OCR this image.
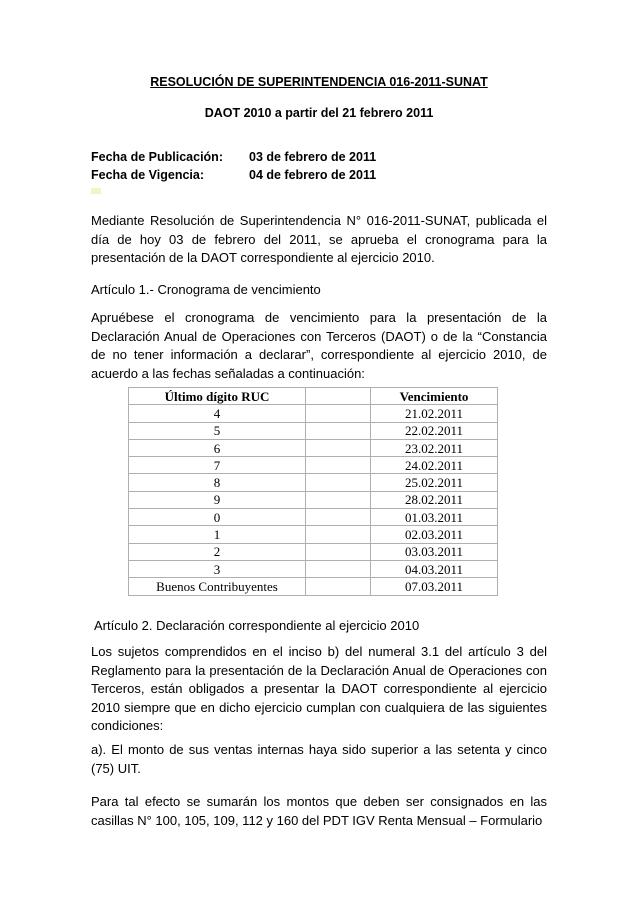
RESOLUCIÓN DE SUPERINTENDENCIA 016-2011-SUNAT
DAOT 2010 a partir del 21 febrero 2011
Fecha de Publicación: 03 de febrero de 2011
Fecha de Vigencia:	04 de febrero de 2011
Mediante Resolución de Superintendencia N° 016-2011-SUNAT, publicada el día de hoy 03 de febrero del 2011, se aprueba el cronograma para la presentación de la DAOT correspondiente al ejercicio 2010.
Artículo 1.- Cronograma de vencimiento
Apruébese el cronograma de vencimiento para la presentación de la Declaración Anual de Operaciones con Terceros (DAOT) o de la “Constancia de no tener información a declarar”, correspondiente al ejercicio 2010, de acuerdo a las fechas señaladas a continuación:
Último dígito RUC		Vencimiento
4		21.02.2011
5		22.02.2011
6		23.02.2011
7		24.02.2011
8		25.02.2011
9		28.02.2011
0		01.03.2011
1		02.03.2011
2		03.03.2011
3		04.03.2011
Buenos Contribuyentes		07.03.2011
Artículo 2. Declaración correspondiente al ejercicio 2010
Los sujetos comprendidos en el inciso b) del numeral 3.1 del artículo 3 del Reglamento para la presentación de la Declaración Anual de Operaciones con Terceros, están obligados a presentar la DAOT correspondiente al ejercicio 2010 siempre que en dicho ejercicio cumplan con cualquiera de las siguientes condiciones:
a). El monto de sus ventas internas haya sido superior a las setenta y cinco (75) UIT.
Para tal efecto se sumarán los montos que deben ser consignados en las casillas N° 100, 105, 109, 112 y 160 del PDT IGV Renta Mensual – Formulario
